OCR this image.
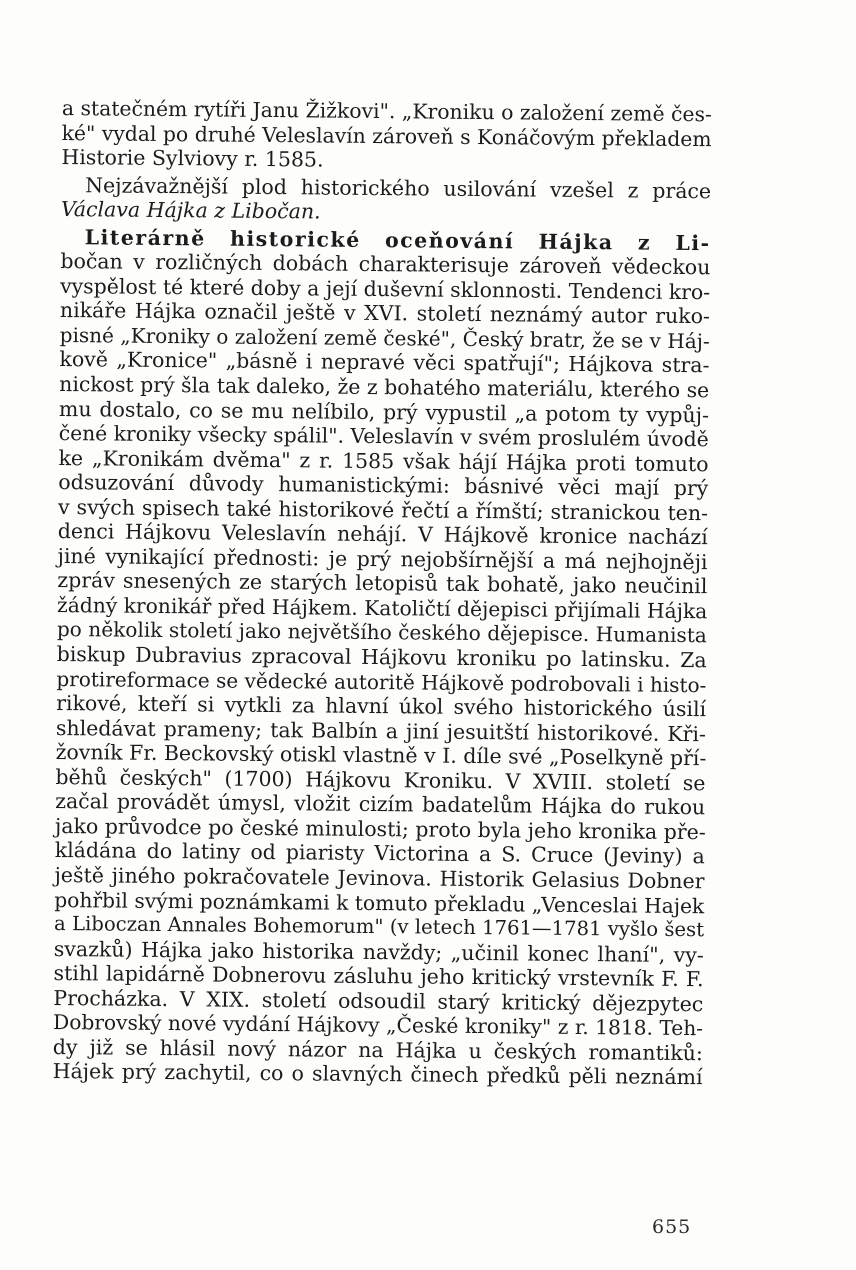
a statečném rytíři Janu Žižkovi". „Kroniku o založení země čes-
ké" vydal po druhé Veleslavín zároveň s Konáčovým překladem
Historie Sylviovy r. 1585.
Nejzávažnější plod historického usilování vzešel z práce
Václava Hájka z Libočan.
Literárně historické oceňování Hájka z Li-
bočan v rozličných dobách charakterisuje zároveň vědeckou
vyspělost té které doby a její duševní sklonnosti. Tendenci kro-
nikáře Hájka označil ještě v XVI. století neznámý autor ruko-
pisné „Kroniky o založení země české", Český bratr, že se v Háj-
kově „Kronice" „básně i nepravé věci spatřují"; Hájkova stra-
nickost prý šla tak daleko, že z bohatého materiálu, kterého se
mu dostalo, co se mu nelíbilo, prý vypustil „a potom ty vypůj-
čené kroniky všecky spálil". Veleslavín v svém proslulém úvodě
ke „Kronikám dvěma" z r. 1585 však hájí Hájka proti tomuto
odsuzování důvody humanistickými: básnivé věci mají prý
v svých spisech také historikové řečtí a římští; stranickou ten-
denci Hájkovu Veleslavín nehájí. V Hájkově kronice nachází
jiné vynikající přednosti: je prý nejobšírnější a má nejhojněji
zpráv snesených ze starých letopisů tak bohatě, jako neučinil
žádný kronikář před Hájkem. Katoličtí dějepisci přijímali Hájka
po několik století jako největšího českého dějepisce. Humanista
biskup Dubravius zpracoval Hájkovu kroniku po latinsku. Za
protireformace se vědecké autoritě Hájkově podrobovali i histo-
rikové, kteří si vytkli za hlavní úkol svého historického úsilí
shledávat prameny; tak Balbín a jiní jesuitští historikové. Kři-
žovník Fr. Beckovský otiskl vlastně v I. díle své „Poselkyně pří-
běhů českých" (1700) Hájkovu Kroniku. V XVIII. století se
začal provádět úmysl, vložit cizím badatelům Hájka do rukou
jako průvodce po české minulosti; proto byla jeho kronika pře-
kládána do latiny od piaristy Victorina a S. Cruce (Jeviny) a
ještě jiného pokračovatele Jevinova. Historik Gelasius Dobner
pohřbil svými poznámkami k tomuto překladu „Venceslai Hajek
a Liboczan Annales Bohemorum" (v letech 1761—1781 vyšlo šest
svazků) Hájka jako historika navždy; „učinil konec lhaní", vy-
stihl lapidárně Dobnerovu zásluhu jeho kritický vrstevník F. F.
Procházka. V XIX. století odsoudil starý kritický dějezpytec
Dobrovský nové vydání Hájkovy „České kroniky" z r. 1818. Teh-
dy již se hlásil nový názor na Hájka u českých romantiků:
Hájek prý zachytil, co o slavných činech předků pěli neznámí
655
